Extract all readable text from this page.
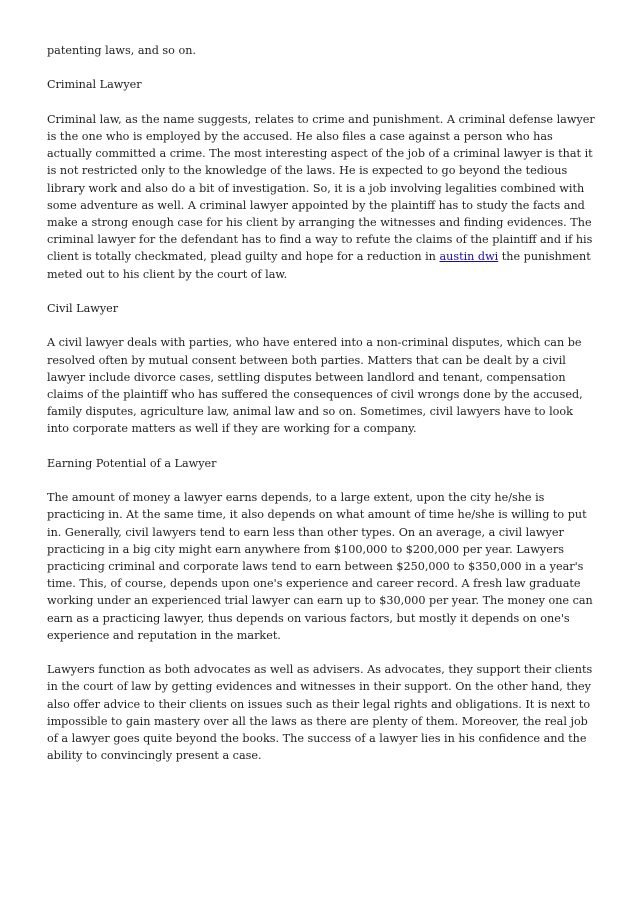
patenting laws, and so on.

Criminal Lawyer

Criminal law, as the name suggests, relates to crime and punishment. A criminal defense lawyer is the one who is employed by the accused. He also files a case against a person who has actually committed a crime. The most interesting aspect of the job of a criminal lawyer is that it is not restricted only to the knowledge of the laws. He is expected to go beyond the tedious library work and also do a bit of investigation. So, it is a job involving legalities combined with some adventure as well. A criminal lawyer appointed by the plaintiff has to study the facts and make a strong enough case for his client by arranging the witnesses and finding evidences. The criminal lawyer for the defendant has to find a way to refute the claims of the plaintiff and if his client is totally checkmated, plead guilty and hope for a reduction in austin dwi the punishment meted out to his client by the court of law.

Civil Lawyer

A civil lawyer deals with parties, who have entered into a non-criminal disputes, which can be resolved often by mutual consent between both parties. Matters that can be dealt by a civil lawyer include divorce cases, settling disputes between landlord and tenant, compensation claims of the plaintiff who has suffered the consequences of civil wrongs done by the accused, family disputes, agriculture law, animal law and so on. Sometimes, civil lawyers have to look into corporate matters as well if they are working for a company.

Earning Potential of a Lawyer

The amount of money a lawyer earns depends, to a large extent, upon the city he/she is practicing in. At the same time, it also depends on what amount of time he/she is willing to put in. Generally, civil lawyers tend to earn less than other types. On an average, a civil lawyer practicing in a big city might earn anywhere from $100,000 to $200,000 per year. Lawyers practicing criminal and corporate laws tend to earn between $250,000 to $350,000 in a year's time. This, of course, depends upon one's experience and career record. A fresh law graduate working under an experienced trial lawyer can earn up to $30,000 per year. The money one can earn as a practicing lawyer, thus depends on various factors, but mostly it depends on one's experience and reputation in the market.

Lawyers function as both advocates as well as advisers. As advocates, they support their clients in the court of law by getting evidences and witnesses in their support. On the other hand, they also offer advice to their clients on issues such as their legal rights and obligations. It is next to impossible to gain mastery over all the laws as there are plenty of them. Moreover, the real job of a lawyer goes quite beyond the books. The success of a lawyer lies in his confidence and the ability to convincingly present a case.
